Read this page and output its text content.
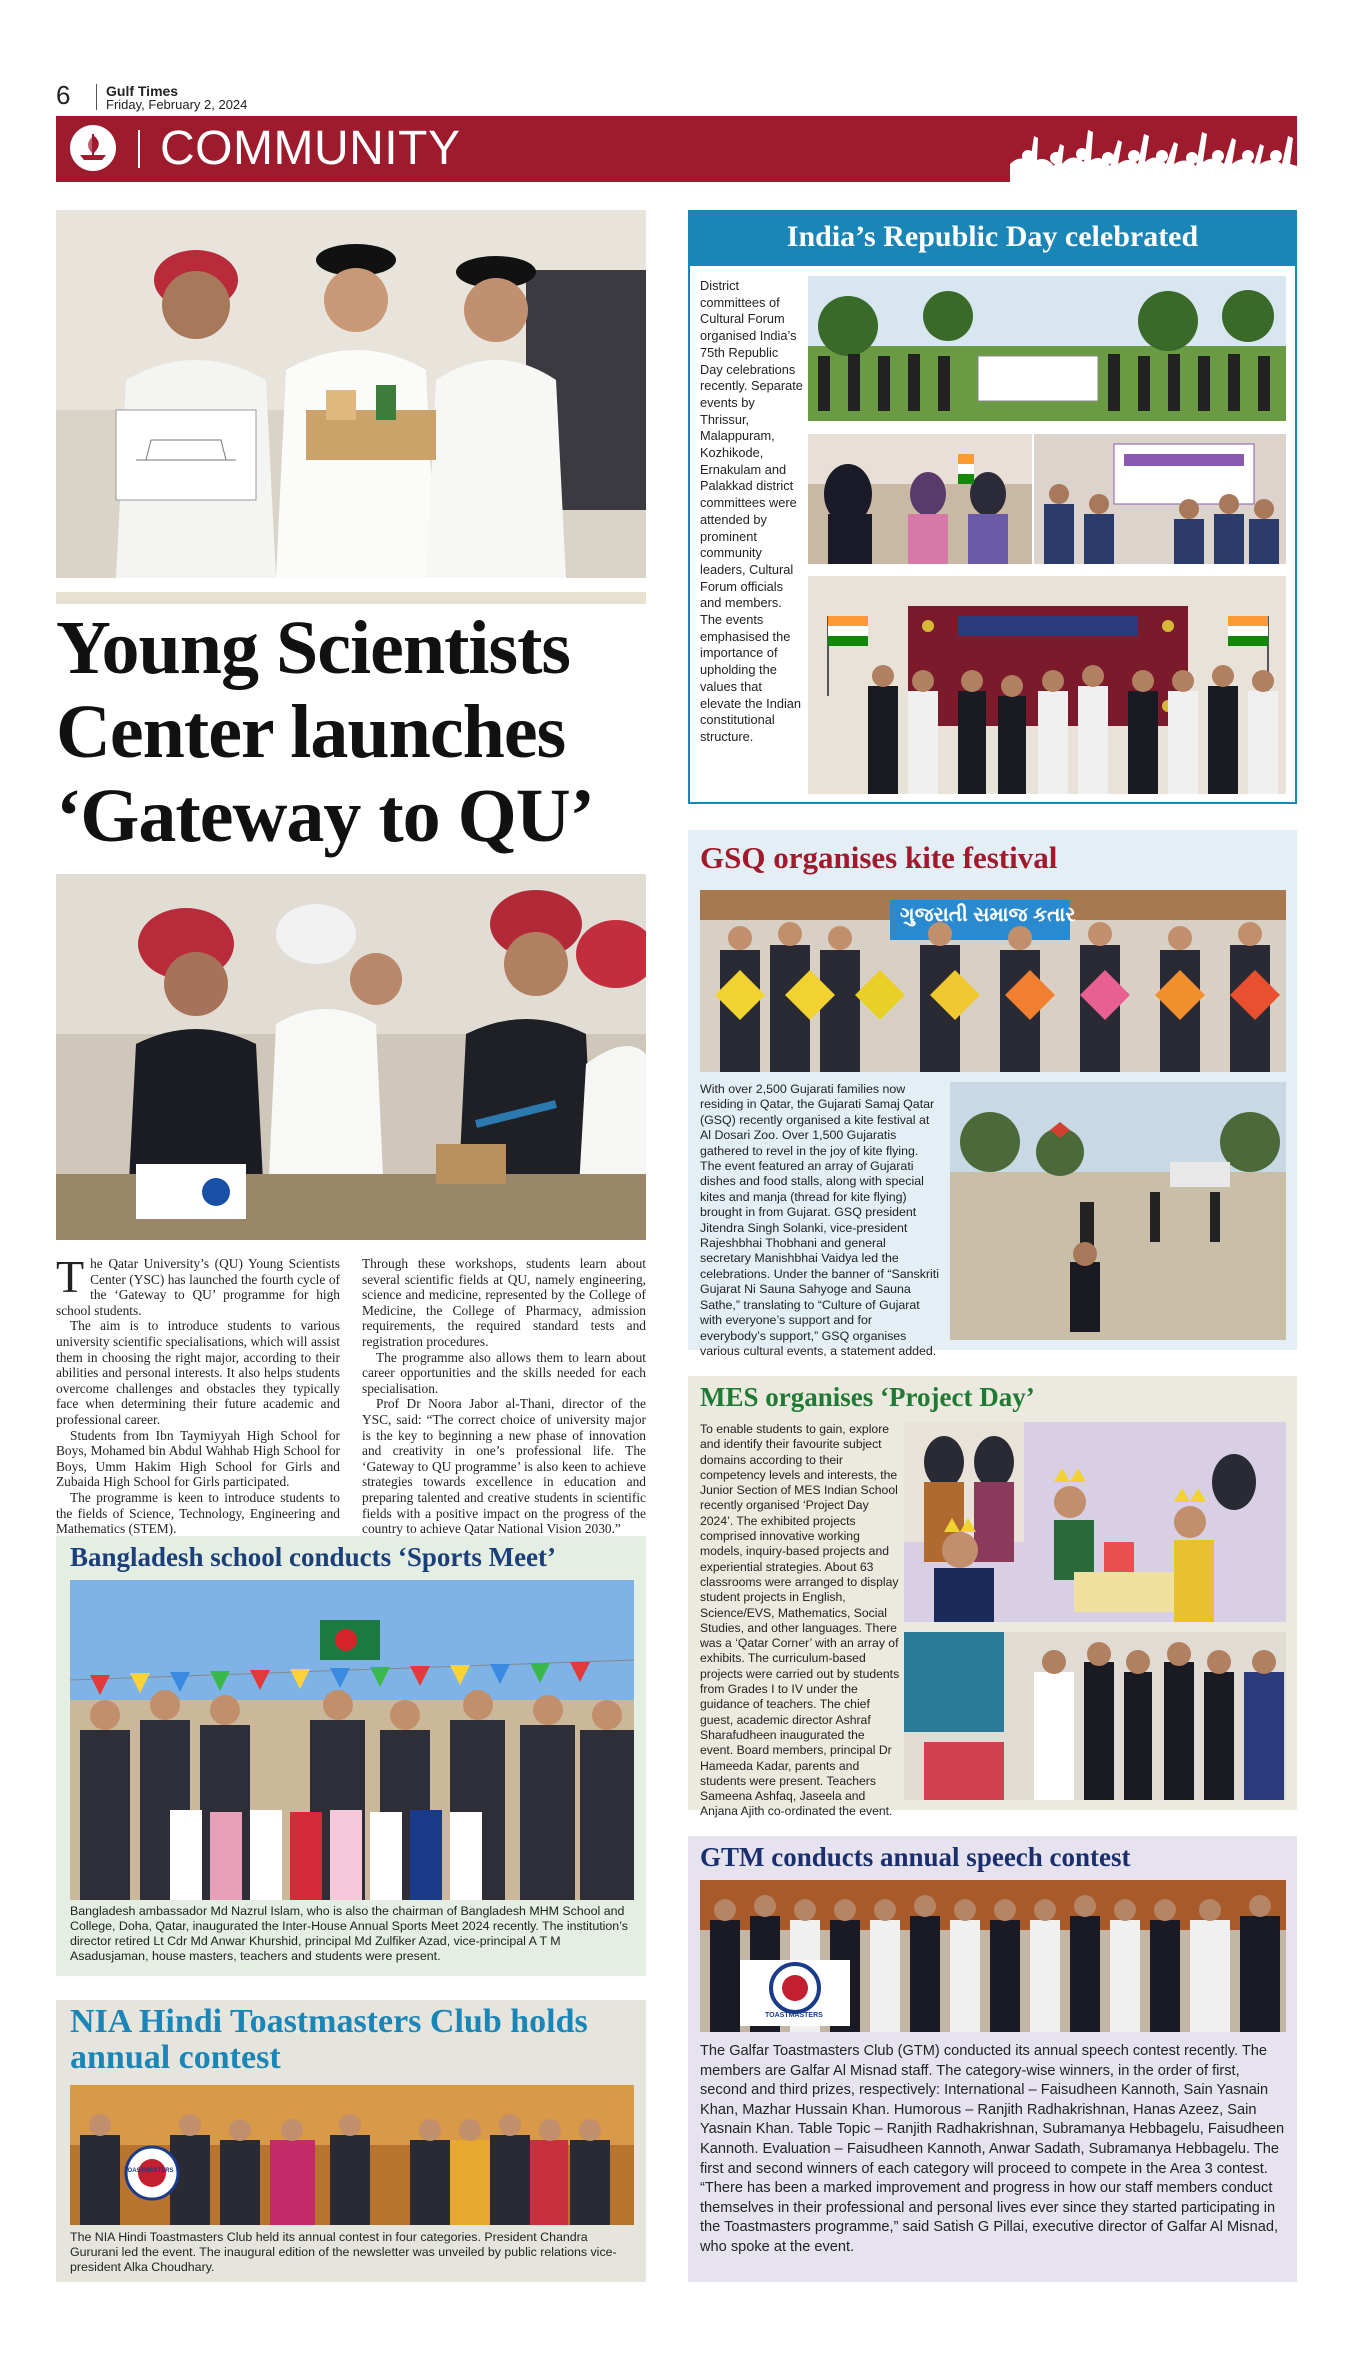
6	Gulf Times
Friday, February 2, 2024
COMMUNITY
Young Scientists Center launches ‘Gateway to QU’

The Qatar University’s (QU) Young Scientists Center (YSC) has launched the fourth cycle of the ‘Gateway to QU’ programme for high school students.

The aim is to introduce students to various university scientific specialisations, which will assist them in choosing the right major, according to their abilities and personal interests. It also helps students overcome challenges and obstacles they typically face when determining their future academic and professional career.

Students from Ibn Taymiyyah High School for Boys, Mohamed bin Abdul Wahhab High School for Boys, Umm Hakim High School for Girls and Zubaida High School for Girls participated.

The programme is keen to introduce students to the fields of Science, Technology, Engineering and Mathematics (STEM).

Through these workshops, students learn about several scientific fields at QU, namely engineering, science and medicine, represented by the College of Medicine, the College of Pharmacy, admission requirements, the required standard tests and registration procedures.

The programme also allows them to learn about career opportunities and the skills needed for each specialisation.

Prof Dr Noora Jabor al-Thani, director of the YSC, said: “The correct choice of university major is the key to beginning a new phase of innovation and creativity in one’s professional life. The ‘Gateway to QU programme’ is also keen to achieve strategies towards excellence in education and preparing talented and creative students in scientific fields with a positive impact on the progress of the country to achieve Qatar National Vision 2030.”

Bangladesh school conducts ‘Sports Meet’
Bangladesh ambassador Md Nazrul Islam, who is also the chairman of Bangladesh MHM School and College, Doha, Qatar, inaugurated the Inter-House Annual Sports Meet 2024 recently. The institution’s director retired Lt Cdr Md Anwar Khurshid, principal Md Zulfiker Azad, vice-principal A T M Asadusjaman, house masters, teachers and students were present.
NIA Hindi Toastmasters Club holds annual contest
TOASTMASTERS
The NIA Hindi Toastmasters Club held its annual contest in four categories. President Chandra Gururani led the event. The inaugural edition of the newsletter was unveiled by public relations vice-president Alka Choudhary.
India’s Republic Day celebrated
District committees of Cultural Forum organised India’s 75th Republic Day celebrations recently. Separate events by Thrissur, Malappuram, Kozhikode, Ernakulam and Palakkad district committees were attended by prominent community leaders, Cultural Forum officials and members. The events emphasised the importance of upholding the values that elevate the Indian constitutional structure.
GSQ organises kite festival
ગુજરાતી સમાજ કતાર
With over 2,500 Gujarati families now residing in Qatar, the Gujarati Samaj Qatar (GSQ) recently organised a kite festival at Al Dosari Zoo. Over 1,500 Gujaratis gathered to revel in the joy of kite flying. The event featured an array of Gujarati dishes and food stalls, along with special kites and manja (thread for kite flying) brought in from Gujarat. GSQ president Jitendra Singh Solanki, vice-president Rajeshbhai Thobhani and general secretary Manishbhai Vaidya led the celebrations. Under the banner of “Sanskriti Gujarat Ni Sauna Sahyoge and Sauna Sathe,” translating to “Culture of Gujarat with everyone’s support and for everybody’s support,” GSQ organises various cultural events, a statement added.
MES organises ‘Project Day’
To enable students to gain, explore and identify their favourite subject domains according to their competency levels and interests, the Junior Section of MES Indian School recently organised ‘Project Day 2024’. The exhibited projects comprised innovative working models, inquiry-based projects and experiential strategies. About 63 classrooms were arranged to display student projects in English, Science/EVS, Mathematics, Social Studies, and other languages. There was a ‘Qatar Corner’ with an array of exhibits. The curriculum-based projects were carried out by students from Grades I to IV under the guidance of teachers. The chief guest, academic director Ashraf Sharafudheen inaugurated the event. Board members, principal Dr Hameeda Kadar, parents and students were present. Teachers Sameena Ashfaq, Jaseela and Anjana Ajith co-ordinated the event.
GTM conducts annual speech contest
TOASTMASTERS
The Galfar Toastmasters Club (GTM) conducted its annual speech contest recently. The members are Galfar Al Misnad staff. The category-wise winners, in the order of first, second and third prizes, respectively: International – Faisudheen Kannoth, Sain Yasnain Khan, Mazhar Hussain Khan. Humorous – Ranjith Radhakrishnan, Hanas Azeez, Sain Yasnain Khan. Table Topic – Ranjith Radhakrishnan, Subramanya Hebbagelu, Faisudheen Kannoth. Evaluation – Faisudheen Kannoth, Anwar Sadath, Subramanya Hebbagelu. The first and second winners of each category will proceed to compete in the Area 3 contest. “There has been a marked improvement and progress in how our staff members conduct themselves in their professional and personal lives ever since they started participating in the Toastmasters programme,” said Satish G Pillai, executive director of Galfar Al Misnad, who spoke at the event.
